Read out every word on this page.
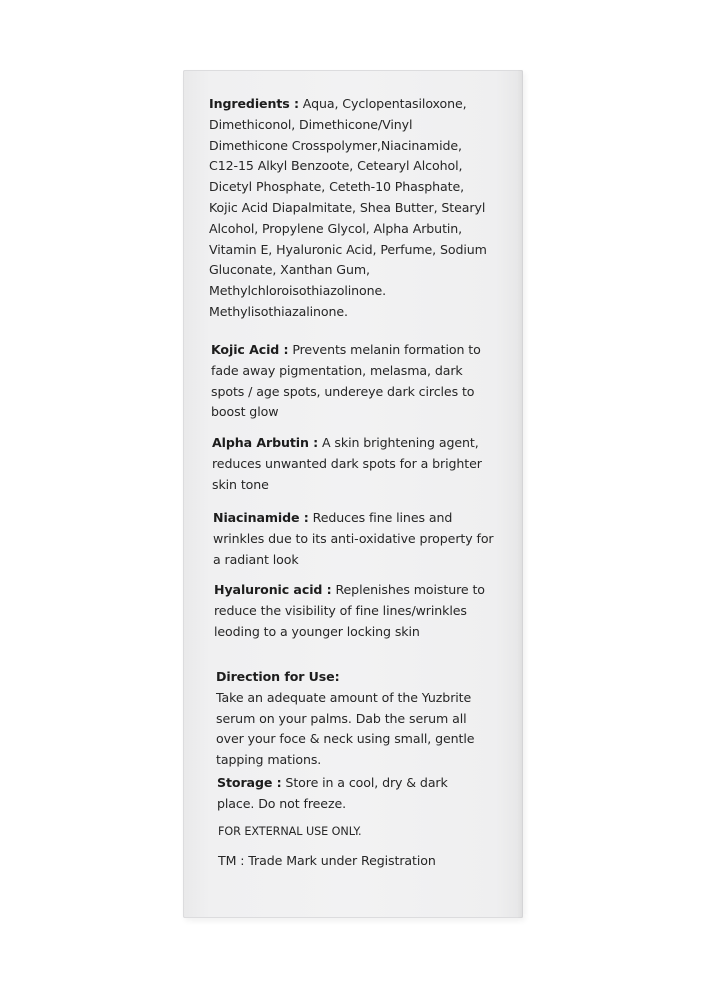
Ingredients : Aqua, Cyclopentasiloxone,
Dimethiconol, Dimethicone/Vinyl
Dimethicone Crosspolymer,Niacinamide,
C12-15 Alkyl Benzoote, Cetearyl Alcohol,
Dicetyl Phosphate, Ceteth-10 Phasphate,
Kojic Acid Diapalmitate, Shea Butter, Stearyl
Alcohol, Propylene Glycol, Alpha Arbutin,
Vitamin E, Hyaluronic Acid, Perfume, Sodium
Gluconate, Xanthan Gum,
Methylchloroisothiazolinone.
Methylisothiazalinone.
Kojic Acid : Prevents melanin formation to
fade away pigmentation, melasma, dark
spots / age spots, undereye dark circles to
boost glow
Alpha Arbutin : A skin brightening agent,
reduces unwanted dark spots for a brighter
skin tone
Niacinamide : Reduces fine lines and
wrinkles due to its anti-oxidative property for
a radiant look
Hyaluronic acid : Replenishes moisture to
reduce the visibility of fine lines/wrinkles
leoding to a younger locking skin
Direction for Use:
Take an adequate amount of the Yuzbrite
serum on your palms. Dab the serum all
over your foce & neck using small, gentle
tapping mations.
Storage : Store in a cool, dry & dark
place. Do not freeze.
FOR EXTERNAL USE ONLY.
TM : Trade Mark under Registration
